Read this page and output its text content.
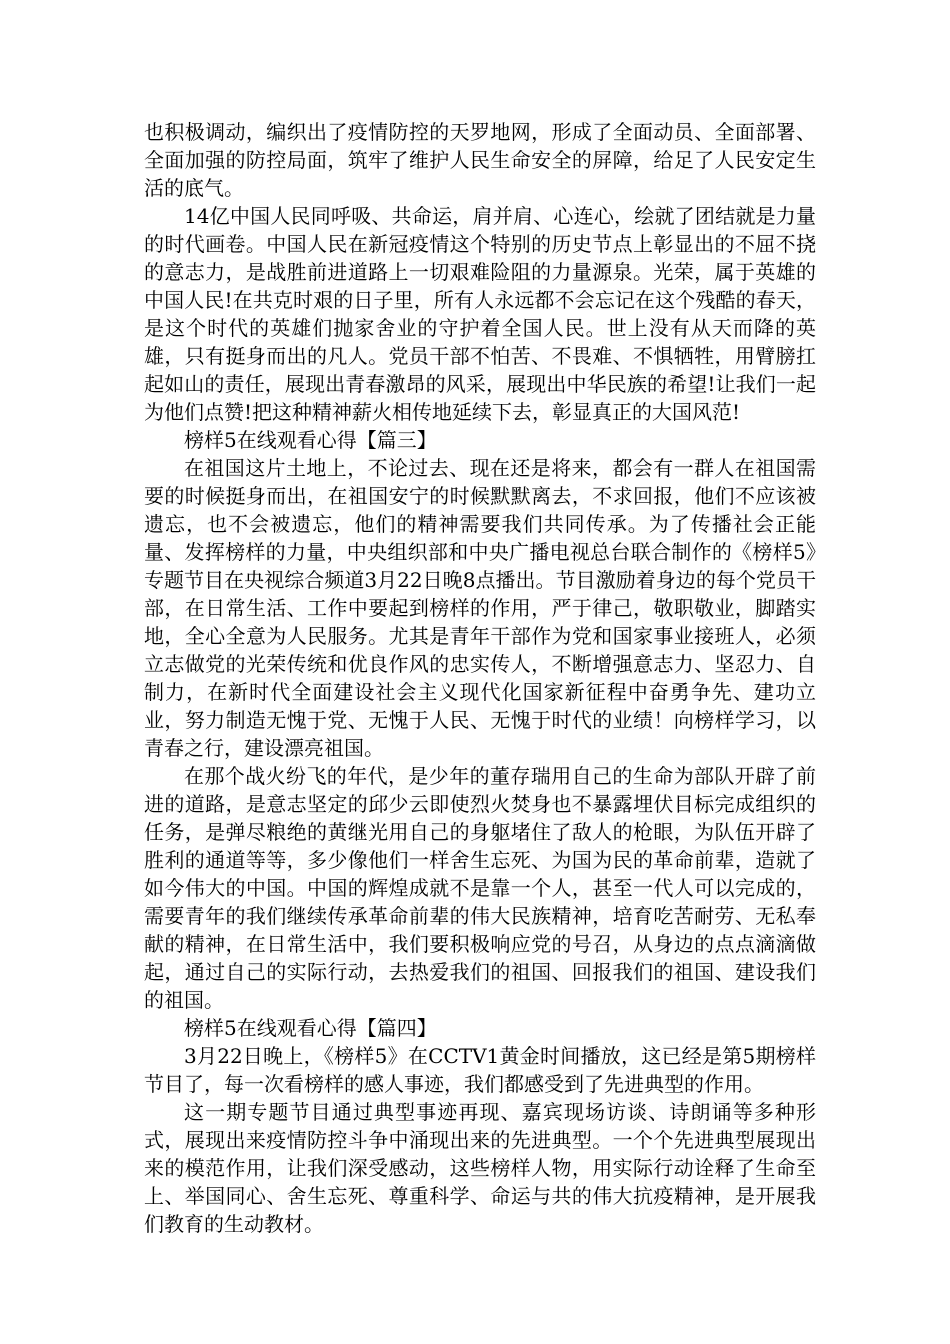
也积极调动，编织出了疫情防控的天罗地网，形成了全面动员、全面部署、全面加强的防控局面，筑牢了维护人民生命安全的屏障，给足了人民安定生活的底气。

14亿中国人民同呼吸、共命运，肩并肩、心连心，绘就了团结就是力量的时代画卷。中国人民在新冠疫情这个特别的历史节点上彰显出的不屈不挠的意志力，是战胜前进道路上一切艰难险阻的力量源泉。光荣，属于英雄的中国人民!在共克时艰的日子里，所有人永远都不会忘记在这个残酷的春天，是这个时代的英雄们抛家舍业的守护着全国人民。世上没有从天而降的英雄，只有挺身而出的凡人。党员干部不怕苦、不畏难、不惧牺牲，用臂膀扛起如山的责任，展现出青春激昂的风采，展现出中华民族的希望!让我们一起为他们点赞!把这种精神薪火相传地延续下去，彰显真正的大国风范!

榜样5在线观看心得【篇三】

在祖国这片土地上，不论过去、现在还是将来，都会有一群人在祖国需要的时候挺身而出，在祖国安宁的时候默默离去，不求回报，他们不应该被遗忘，也不会被遗忘，他们的精神需要我们共同传承。为了传播社会正能量、发挥榜样的力量，中央组织部和中央广播电视总台联合制作的《榜样5》专题节目在央视综合频道3月22日晚8点播出。节目激励着身边的每个党员干部，在日常生活、工作中要起到榜样的作用，严于律己，敬职敬业，脚踏实地，全心全意为人民服务。尤其是青年干部作为党和国家事业接班人，必须立志做党的光荣传统和优良作风的忠实传人，不断增强意志力、坚忍力、自制力，在新时代全面建设社会主义现代化国家新征程中奋勇争先、建功立业，努力制造无愧于党、无愧于人民、无愧于时代的业绩！向榜样学习，以青春之行，建设漂亮祖国。

在那个战火纷飞的年代，是少年的董存瑞用自己的生命为部队开辟了前进的道路，是意志坚定的邱少云即使烈火焚身也不暴露埋伏目标完成组织的任务，是弹尽粮绝的黄继光用自己的身躯堵住了敌人的枪眼，为队伍开辟了胜利的通道等等，多少像他们一样舍生忘死、为国为民的革命前辈，造就了如今伟大的中国。中国的辉煌成就不是靠一个人，甚至一代人可以完成的，需要青年的我们继续传承革命前辈的伟大民族精神，培育吃苦耐劳、无私奉献的精神，在日常生活中，我们要积极响应党的号召，从身边的点点滴滴做起，通过自己的实际行动，去热爱我们的祖国、回报我们的祖国、建设我们的祖国。

榜样5在线观看心得【篇四】

3月22日晚上，《榜样5》在CCTV1黄金时间播放，这已经是第5期榜样节目了，每一次看榜样的感人事迹，我们都感受到了先进典型的作用。

这一期专题节目通过典型事迹再现、嘉宾现场访谈、诗朗诵等多种形式，展现出来疫情防控斗争中涌现出来的先进典型。一个个先进典型展现出来的模范作用，让我们深受感动，这些榜样人物，用实际行动诠释了生命至上、举国同心、舍生忘死、尊重科学、命运与共的伟大抗疫精神，是开展我们教育的生动教材。
